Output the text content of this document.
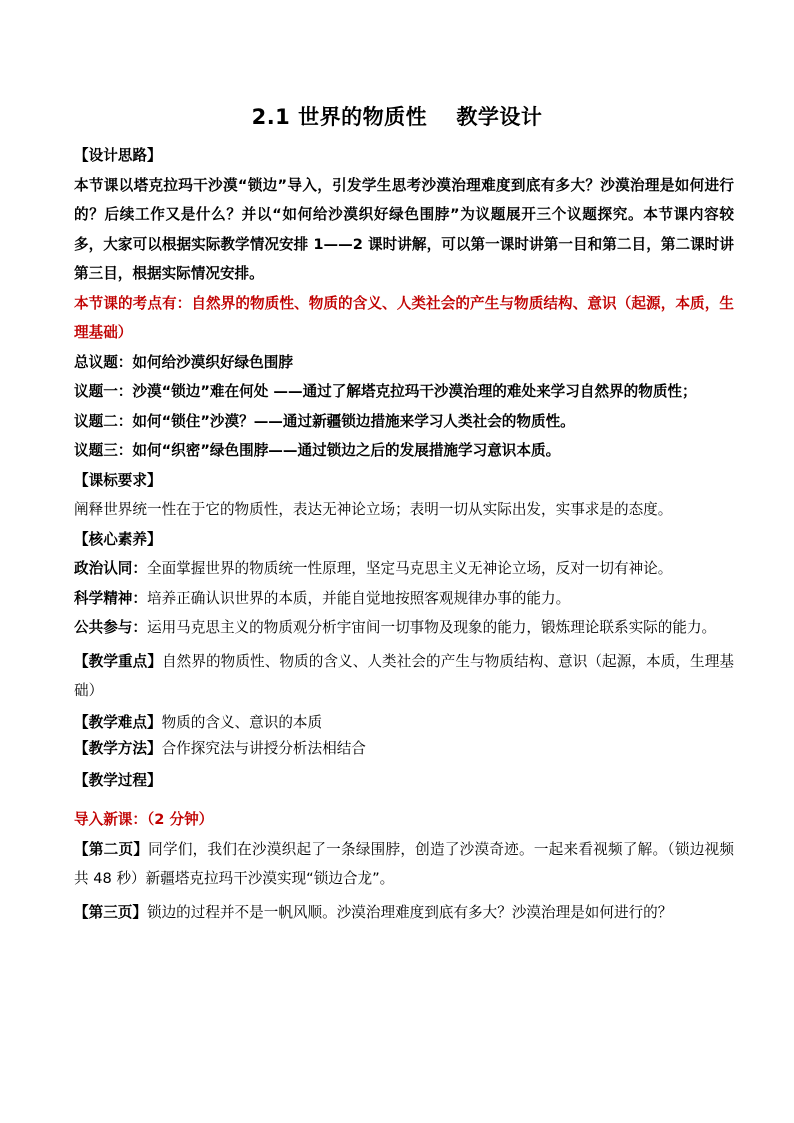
2.1 世界的物质性　 教学设计

【设计思路】

本节课以塔克拉玛干沙漠“锁边”导入，引发学生思考沙漠治理难度到底有多大？沙漠治理是如何进行的？后续工作又是什么？并以“如何给沙漠织好绿色围脖”为议题展开三个议题探究。本节课内容较多，大家可以根据实际教学情况安排 1——2 课时讲解，可以第一课时讲第一目和第二目，第二课时讲第三目，根据实际情况安排。

本节课的考点有：自然界的物质性、物质的含义、人类社会的产生与物质结构、意识（起源，本质，生理基础）

总议题：如何给沙漠织好绿色围脖

议题一：沙漠“锁边”难在何处 ——通过了解塔克拉玛干沙漠治理的难处来学习自然界的物质性；

议题二：如何“锁住”沙漠？——通过新疆锁边措施来学习人类社会的物质性。

议题三：如何“织密”绿色围脖——通过锁边之后的发展措施学习意识本质。

【课标要求】

阐释世界统一性在于它的物质性，表达无神论立场；表明一切从实际出发，实事求是的态度。

【核心素养】

政治认同：全面掌握世界的物质统一性原理，坚定马克思主义无神论立场，反对一切有神论。

科学精神：培养正确认识世界的本质，并能自觉地按照客观规律办事的能力。

公共参与：运用马克思主义的物质观分析宇宙间一切事物及现象的能力，锻炼理论联系实际的能力。

【教学重点】自然界的物质性、物质的含义、人类社会的产生与物质结构、意识（起源，本质，生理基础）

【教学难点】物质的含义、意识的本质

【教学方法】合作探究法与讲授分析法相结合

【教学过程】

导入新课：（2 分钟）

【第二页】同学们，我们在沙漠织起了一条绿围脖，创造了沙漠奇迹。一起来看视频了解。（锁边视频共 48 秒）新疆塔克拉玛干沙漠实现“锁边合龙”。

【第三页】锁边的过程并不是一帆风顺。沙漠治理难度到底有多大？沙漠治理是如何进行的？
